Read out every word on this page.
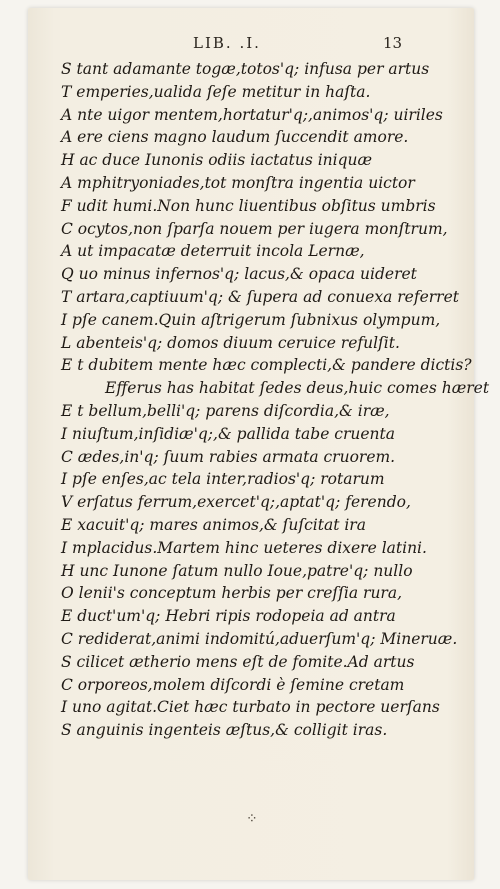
LIB. .I.	13
S tant adamante togæ,totos'q; infusa per artus
T emperies,ualida ſeſe metitur in haſta.
A nte uigor mentem,hortatur'q;,animos'q; uiriles
A ere ciens magno laudum ſuccendit amore.
H ac duce Iunonis odiis iactatus iniquæ
A mphitryoniades,tot monſtra ingentia uictor
F udit humi.Non hunc liuentibus obſitus umbris
C ocytos,non ſparſa nouem per iugera monſtrum,
A ut impacatæ deterruit incola Lernæ,
Q uo minus infernos'q; lacus,& opaca uideret
T artara,captiuum'q; & ſupera ad conuexa referret
I pſe canem.Quin aſtrigerum ſubnixus olympum,
L abenteis'q; domos diuum ceruice refulſit.
E t dubitem mente hæc complecti,& pandere dictis?
Efferus has habitat ſedes deus,huic comes hæret
E t bellum,belli'q; parens diſcordia,& iræ,
I niuſtum,inſidiæ'q;,& pallida tabe cruenta
C ædes,in'q; ſuum rabies armata cruorem.
I pſe enſes,ac tela inter,radios'q; rotarum
V erſatus ferrum,exercet'q;,aptat'q; ferendo,
E xacuit'q; mares animos,& ſuſcitat ira
I mplacidus.Martem hinc ueteres dixere latini.
H unc Iunone ſatum nullo Ioue,patre'q; nullo
O lenii's conceptum herbis per creſſia rura,
E duct'um'q; Hebri ripis rodopeia ad antra
C rediderat,animi indomitú,aduerſum'q; Mineruæ.
S cilicet ætherio mens eſt de fomite.Ad artus
C orporeos,molem diſcordi è ſemine cretam
I uno agitat.Ciet hæc turbato in pectore uerſans
S anguinis ingenteis æſtus,& colligit iras.
⁘
